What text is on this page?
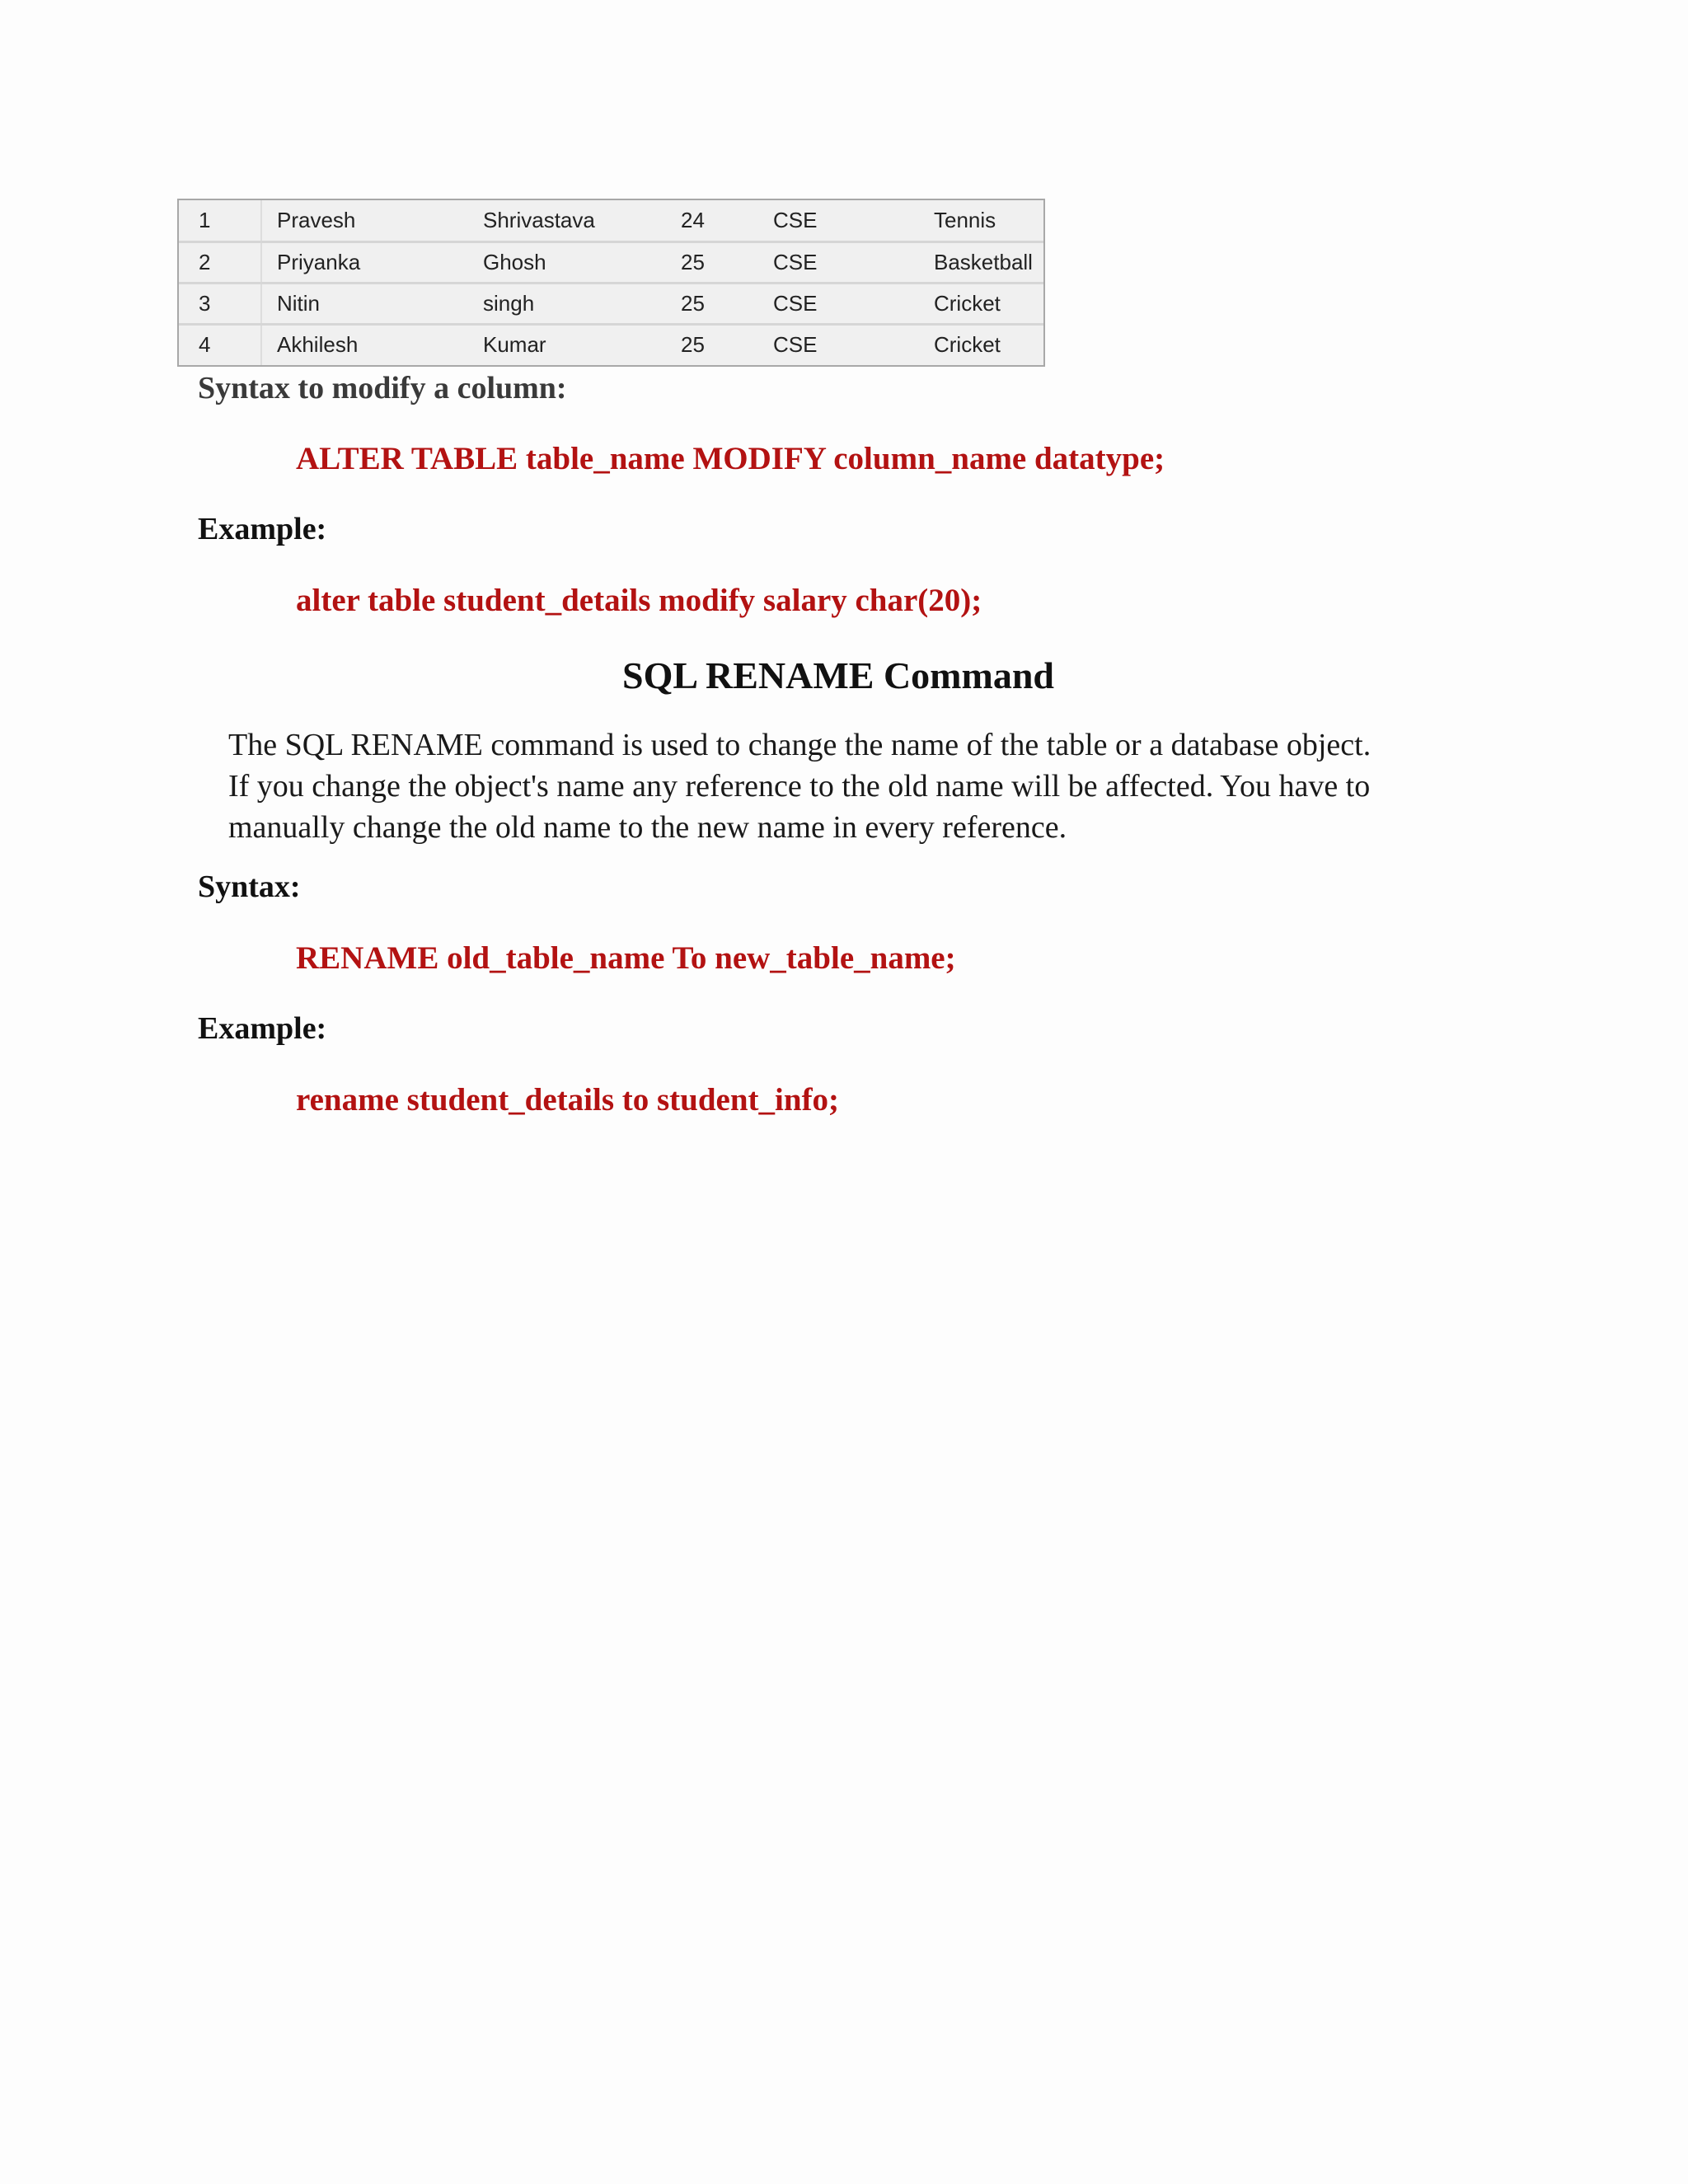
1	Pravesh	Shrivastava	24	CSE	Tennis
2	Priyanka	Ghosh	25	CSE	Basketball
3	Nitin	singh	25	CSE	Cricket
4	Akhilesh	Kumar	25	CSE	Cricket
Syntax to modify a column:
ALTER TABLE table_name MODIFY column_name datatype;
Example:
alter table student_details modify salary char(20);
SQL RENAME Command
The SQL RENAME command is used to change the name of the table or a database object.
If you change the object's name any reference to the old name will be affected. You have to
manually change the old name to the new name in every reference.
Syntax:
RENAME old_table_name To new_table_name;
Example:
rename student_details to student_info;
